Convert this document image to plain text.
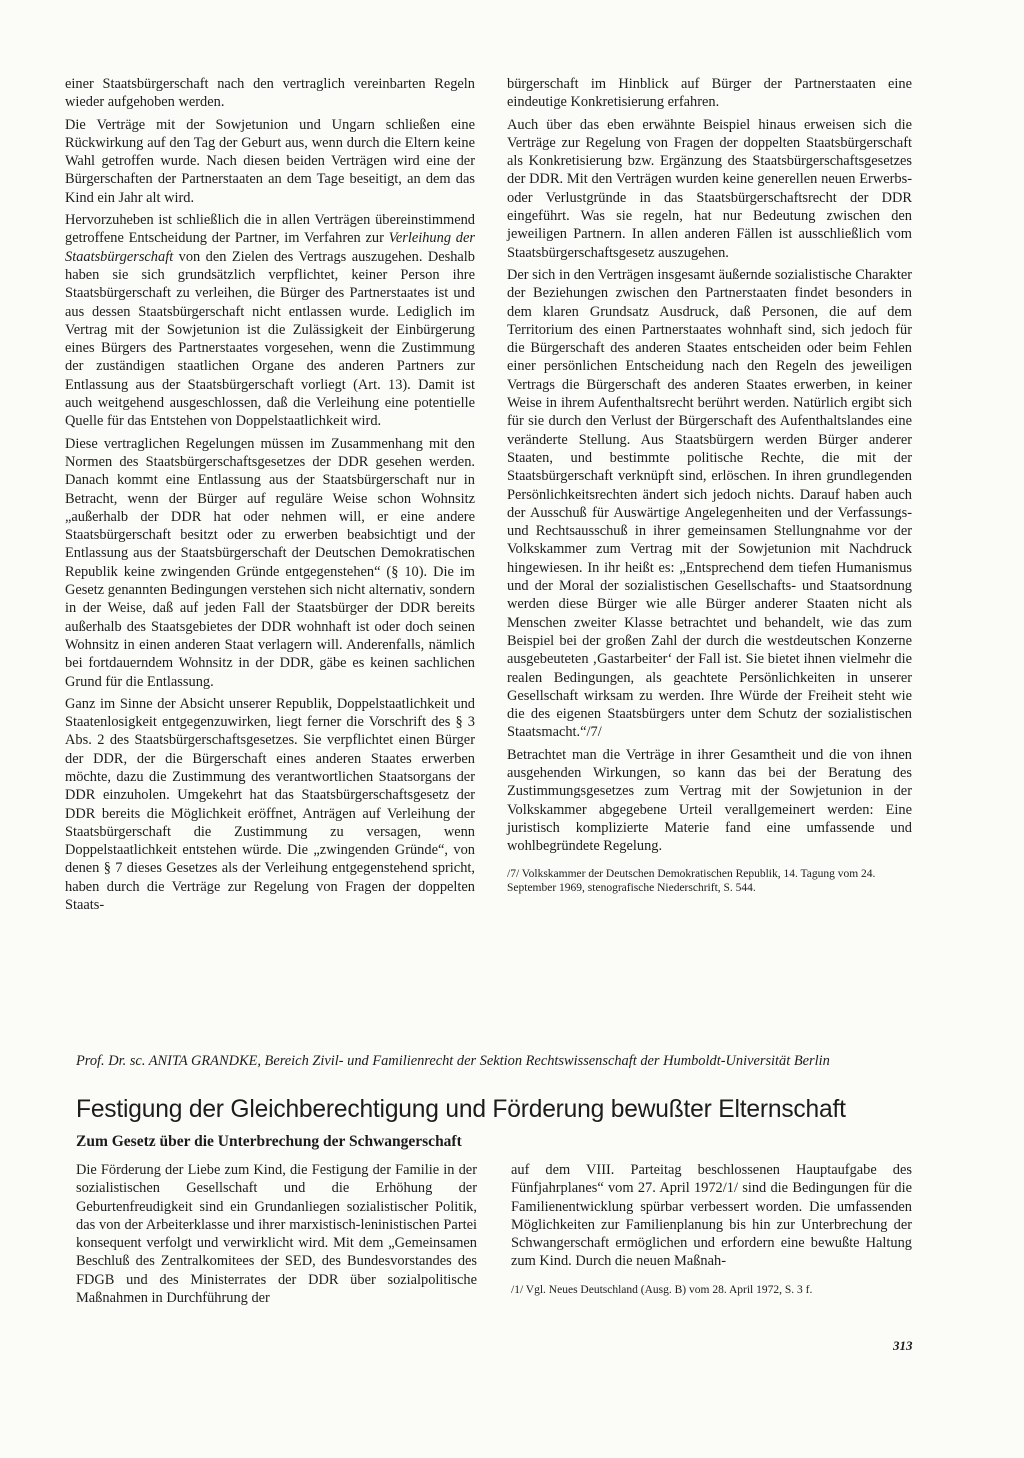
einer Staatsbürgerschaft nach den vertraglich vereinbarten Regeln wieder aufgehoben werden.

Die Verträge mit der Sowjetunion und Ungarn schließen eine Rückwirkung auf den Tag der Geburt aus, wenn durch die Eltern keine Wahl getroffen wurde. Nach diesen beiden Verträgen wird eine der Bürgerschaften der Partnerstaaten an dem Tage beseitigt, an dem das Kind ein Jahr alt wird.

Hervorzuheben ist schließlich die in allen Verträgen übereinstimmend getroffene Entscheidung der Partner, im Verfahren zur Verleihung der Staatsbürgerschaft von den Zielen des Vertrags auszugehen. Deshalb haben sie sich grundsätzlich verpflichtet, keiner Person ihre Staatsbürgerschaft zu verleihen, die Bürger des Partnerstaates ist und aus dessen Staatsbürgerschaft nicht entlassen wurde. Lediglich im Vertrag mit der Sowjetunion ist die Zulässigkeit der Einbürgerung eines Bürgers des Partnerstaates vorgesehen, wenn die Zustimmung der zuständigen staatlichen Organe des anderen Partners zur Entlassung aus der Staatsbürgerschaft vorliegt (Art. 13). Damit ist auch weitgehend ausgeschlossen, daß die Verleihung eine potentielle Quelle für das Entstehen von Doppelstaatlichkeit wird.

Diese vertraglichen Regelungen müssen im Zusammenhang mit den Normen des Staatsbürgerschaftsgesetzes der DDR gesehen werden. Danach kommt eine Entlassung aus der Staatsbürgerschaft nur in Betracht, wenn der Bürger auf reguläre Weise schon Wohnsitz „außerhalb der DDR hat oder nehmen will, er eine andere Staatsbürgerschaft besitzt oder zu erwerben beabsichtigt und der Entlassung aus der Staatsbürgerschaft der Deutschen Demokratischen Republik keine zwingenden Gründe entgegenstehen“ (§ 10). Die im Gesetz genannten Bedingungen verstehen sich nicht alternativ, sondern in der Weise, daß auf jeden Fall der Staatsbürger der DDR bereits außerhalb des Staatsgebietes der DDR wohnhaft ist oder doch seinen Wohnsitz in einen anderen Staat verlagern will. Anderenfalls, nämlich bei fortdauerndem Wohnsitz in der DDR, gäbe es keinen sachlichen Grund für die Entlassung.

Ganz im Sinne der Absicht unserer Republik, Doppelstaatlichkeit und Staatenlosigkeit entgegenzuwirken, liegt ferner die Vorschrift des § 3 Abs. 2 des Staatsbürgerschaftsgesetzes. Sie verpflichtet einen Bürger der DDR, der die Bürgerschaft eines anderen Staates erwerben möchte, dazu die Zustimmung des verantwortlichen Staatsorgans der DDR einzuholen. Umgekehrt hat das Staatsbürgerschaftsgesetz der DDR bereits die Möglichkeit eröffnet, Anträgen auf Verleihung der Staatsbürgerschaft die Zustimmung zu versagen, wenn Doppelstaatlichkeit entstehen würde. Die „zwingenden Gründe“, von denen § 7 dieses Gesetzes als der Verleihung entgegenstehend spricht, haben durch die Verträge zur Regelung von Fragen der doppelten Staats-

bürgerschaft im Hinblick auf Bürger der Partnerstaaten eine eindeutige Konkretisierung erfahren.

Auch über das eben erwähnte Beispiel hinaus erweisen sich die Verträge zur Regelung von Fragen der doppelten Staatsbürgerschaft als Konkretisierung bzw. Ergänzung des Staatsbürgerschaftsgesetzes der DDR. Mit den Verträgen wurden keine generellen neuen Erwerbs- oder Verlustgründe in das Staatsbürgerschaftsrecht der DDR eingeführt. Was sie regeln, hat nur Bedeutung zwischen den jeweiligen Partnern. In allen anderen Fällen ist ausschließlich vom Staatsbürgerschaftsgesetz auszugehen.

Der sich in den Verträgen insgesamt äußernde sozialistische Charakter der Beziehungen zwischen den Partnerstaaten findet besonders in dem klaren Grundsatz Ausdruck, daß Personen, die auf dem Territorium des einen Partnerstaates wohnhaft sind, sich jedoch für die Bürgerschaft des anderen Staates entscheiden oder beim Fehlen einer persönlichen Entscheidung nach den Regeln des jeweiligen Vertrags die Bürgerschaft des anderen Staates erwerben, in keiner Weise in ihrem Aufenthaltsrecht berührt werden. Natürlich ergibt sich für sie durch den Verlust der Bürgerschaft des Aufenthaltslandes eine veränderte Stellung. Aus Staatsbürgern werden Bürger anderer Staaten, und bestimmte politische Rechte, die mit der Staatsbürgerschaft verknüpft sind, erlöschen. In ihren grundlegenden Persönlichkeitsrechten ändert sich jedoch nichts. Darauf haben auch der Ausschuß für Auswärtige Angelegenheiten und der Verfassungs- und Rechtsausschuß in ihrer gemeinsamen Stellungnahme vor der Volkskammer zum Vertrag mit der Sowjetunion mit Nachdruck hingewiesen. In ihr heißt es: „Entsprechend dem tiefen Humanismus und der Moral der sozialistischen Gesellschafts- und Staatsordnung werden diese Bürger wie alle Bürger anderer Staaten nicht als Menschen zweiter Klasse betrachtet und behandelt, wie das zum Beispiel bei der großen Zahl der durch die westdeutschen Konzerne ausgebeuteten ‚Gastarbeiter‘ der Fall ist. Sie bietet ihnen vielmehr die realen Bedingungen, als geachtete Persönlichkeiten in unserer Gesellschaft wirksam zu werden. Ihre Würde der Freiheit steht wie die des eigenen Staatsbürgers unter dem Schutz der sozialistischen Staatsmacht.“/7/

Betrachtet man die Verträge in ihrer Gesamtheit und die von ihnen ausgehenden Wirkungen, so kann das bei der Beratung des Zustimmungsgesetzes zum Vertrag mit der Sowjetunion in der Volkskammer abgegebene Urteil verallgemeinert werden: Eine juristisch komplizierte Materie fand eine umfassende und wohlbegründete Regelung.

/7/ Volkskammer der Deutschen Demokratischen Republik, 14. Tagung vom 24. September 1969, stenografische Niederschrift, S. 544.
Prof. Dr. sc. ANITA GRANDKE, Bereich Zivil- und Familienrecht der Sektion Rechtswissenschaft der Humboldt-Universität Berlin
Festigung der Gleichberechtigung und Förderung bewußter Elternschaft
Zum Gesetz über die Unterbrechung der Schwangerschaft

Die Förderung der Liebe zum Kind, die Festigung der Familie in der sozialistischen Gesellschaft und die Erhöhung der Geburtenfreudigkeit sind ein Grundanliegen sozialistischer Politik, das von der Arbeiterklasse und ihrer marxistisch-leninistischen Partei konsequent verfolgt und verwirklicht wird. Mit dem „Gemeinsamen Beschluß des Zentralkomitees der SED, des Bundesvorstandes des FDGB und des Ministerrates der DDR über sozialpolitische Maßnahmen in Durchführung der

auf dem VIII. Parteitag beschlossenen Hauptaufgabe des Fünfjahrplanes“ vom 27. April 1972/1/ sind die Bedingungen für die Familienentwicklung spürbar verbessert worden. Die umfassenden Möglichkeiten zur Familienplanung bis hin zur Unterbrechung der Schwangerschaft ermöglichen und erfordern eine bewußte Haltung zum Kind. Durch die neuen Maßnah-

/1/ Vgl. Neues Deutschland (Ausg. B) vom 28. April 1972, S. 3 f.
313
